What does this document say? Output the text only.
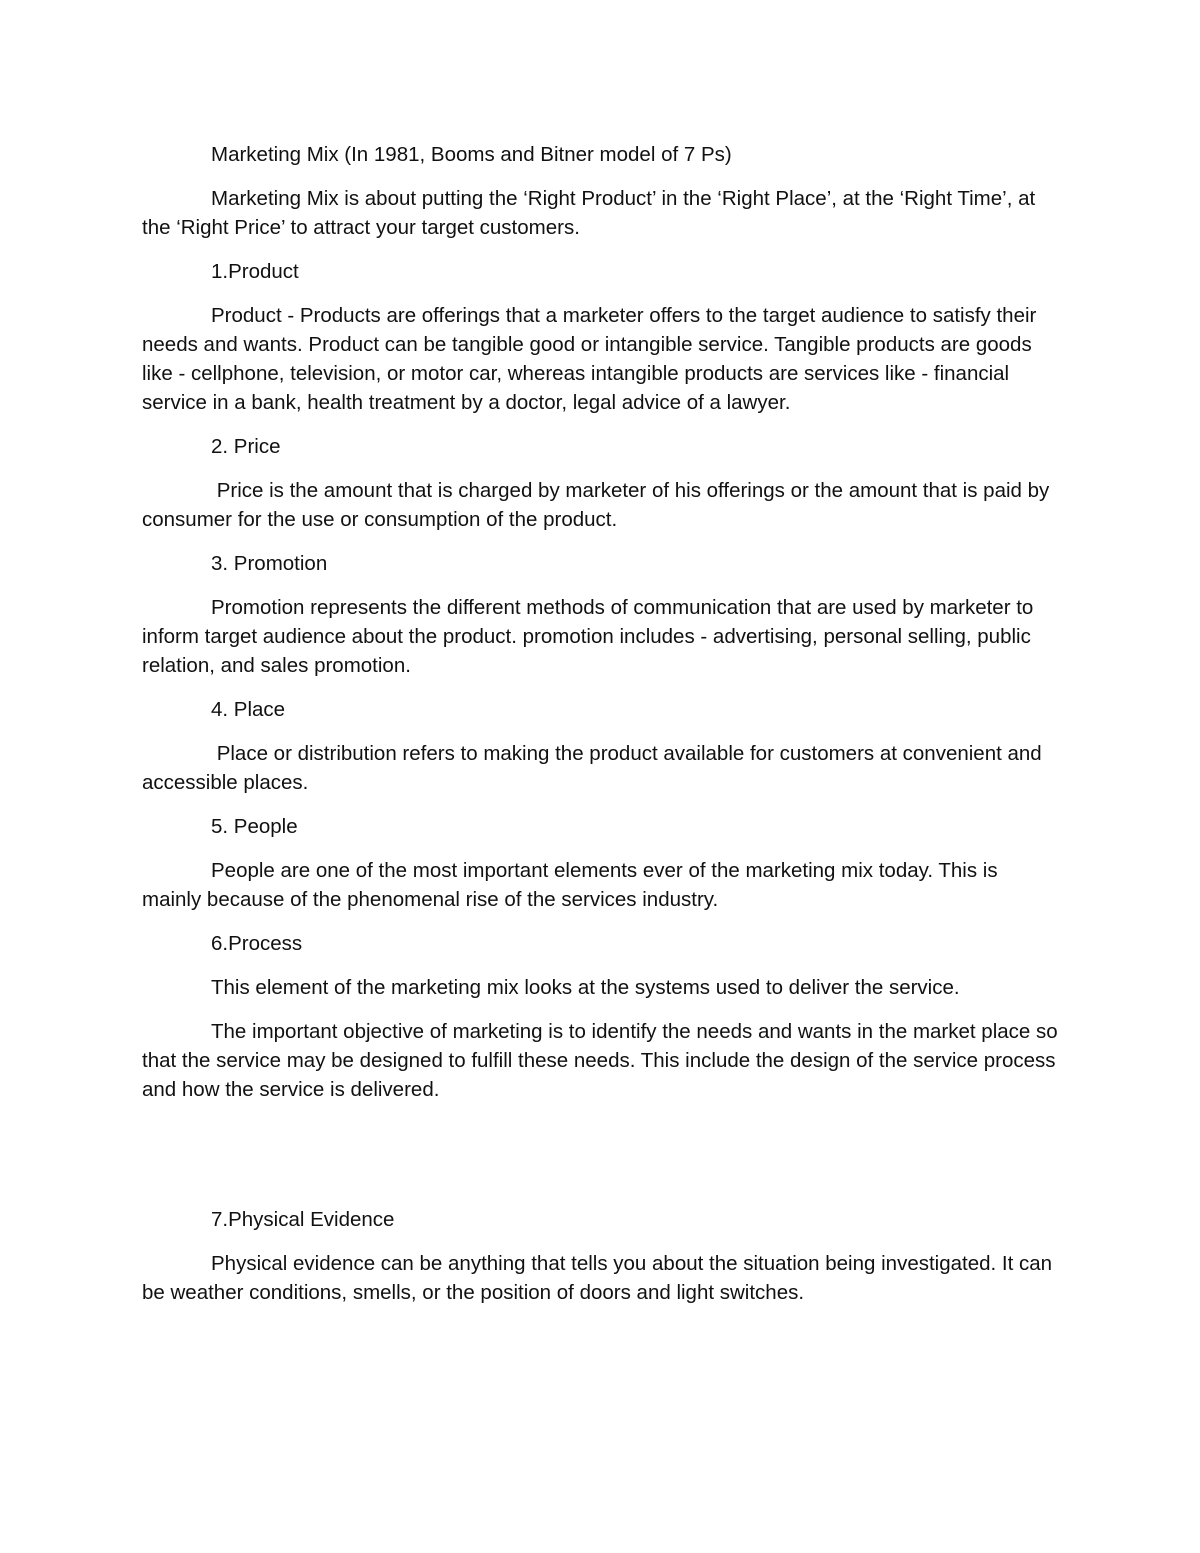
Marketing Mix (In 1981, Booms and Bitner model of 7 Ps)

Marketing Mix is about putting the ‘Right Product’ in the ‘Right Place’, at the ‘Right Time’, at the ‘Right Price’ to attract your target customers.

1.Product

Product - Products are offerings that a marketer offers to the target audience to satisfy their needs and wants. Product can be tangible good or intangible service. Tangible products are goods like - cellphone, television, or motor car, whereas intangible products are services like - financial service in a bank, health treatment by a doctor, legal advice of a lawyer.

2. Price

Price is the amount that is charged by marketer of his offerings or the amount that is paid by consumer for the use or consumption of the product.

3. Promotion

Promotion represents the different methods of communication that are used by marketer to inform target audience about the product. promotion includes - advertising, personal selling, public relation, and sales promotion.

4. Place

Place or distribution refers to making the product available for customers at convenient and accessible places.

5. People

People are one of the most important elements ever of the marketing mix today. This is mainly because of the phenomenal rise of the services industry.

6.Process

This element of the marketing mix looks at the systems used to deliver the service.

The important objective of marketing is to identify the needs and wants in the market place so that the service may be designed to fulfill these needs. This include the design of the service process and how the service is delivered.

7.Physical Evidence

Physical evidence can be anything that tells you about the situation being investigated. It can be weather conditions, smells, or the position of doors and light switches.
